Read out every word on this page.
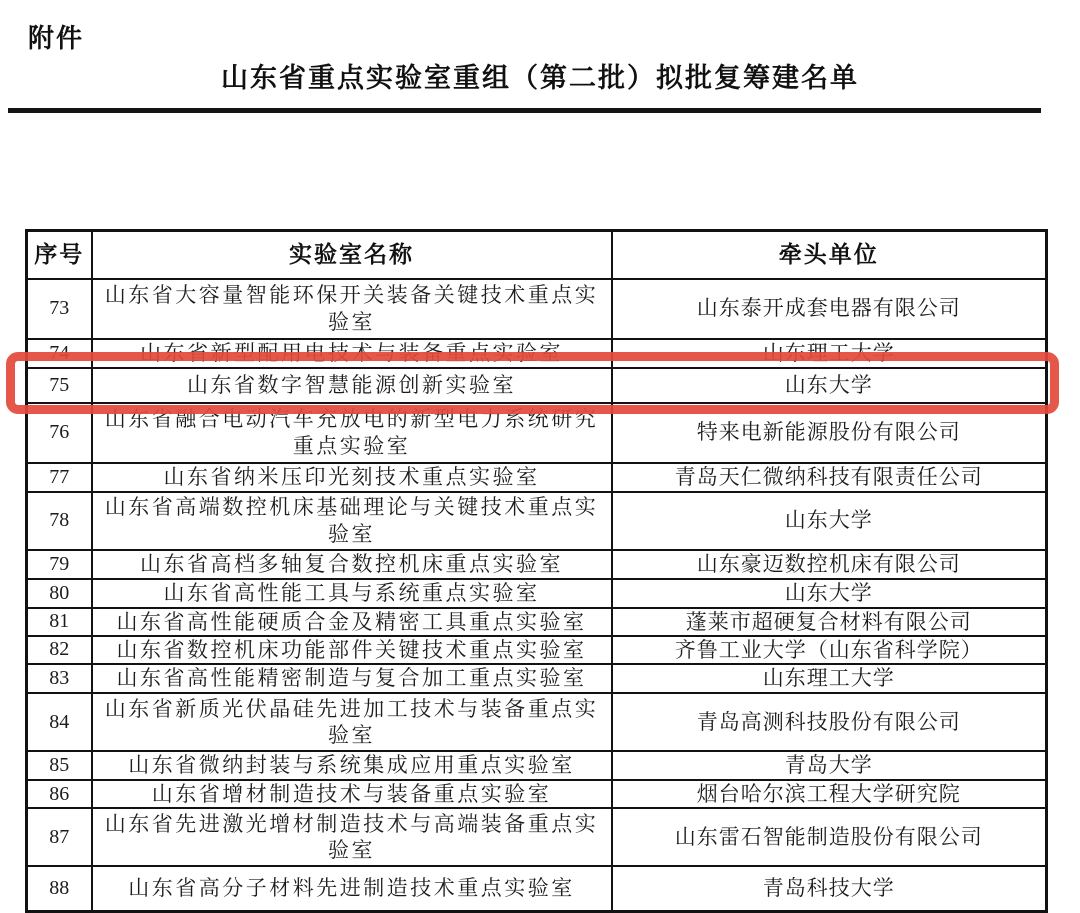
附件
山东省重点实验室重组（第二批）拟批复筹建名单
序号	实验室名称	牵头单位
73	山东省大容量智能环保开关装备关键技术重点实验室	山东泰开成套电器有限公司
74	山东省新型配用电技术与装备重点实验室	山东理工大学
75	山东省数字智慧能源创新实验室	山东大学
76	山东省融合电动汽车充放电的新型电力系统研究重点实验室	特来电新能源股份有限公司
77	山东省纳米压印光刻技术重点实验室	青岛天仁微纳科技有限责任公司
78	山东省高端数控机床基础理论与关键技术重点实验室	山东大学
79	山东省高档多轴复合数控机床重点实验室	山东豪迈数控机床有限公司
80	山东省高性能工具与系统重点实验室	山东大学
81	山东省高性能硬质合金及精密工具重点实验室	蓬莱市超硬复合材料有限公司
82	山东省数控机床功能部件关键技术重点实验室	齐鲁工业大学（山东省科学院）
83	山东省高性能精密制造与复合加工重点实验室	山东理工大学
84	山东省新质光伏晶硅先进加工技术与装备重点实验室	青岛高测科技股份有限公司
85	山东省微纳封装与系统集成应用重点实验室	青岛大学
86	山东省增材制造技术与装备重点实验室	烟台哈尔滨工程大学研究院
87	山东省先进激光增材制造技术与高端装备重点实验室	山东雷石智能制造股份有限公司
88	山东省高分子材料先进制造技术重点实验室	青岛科技大学
